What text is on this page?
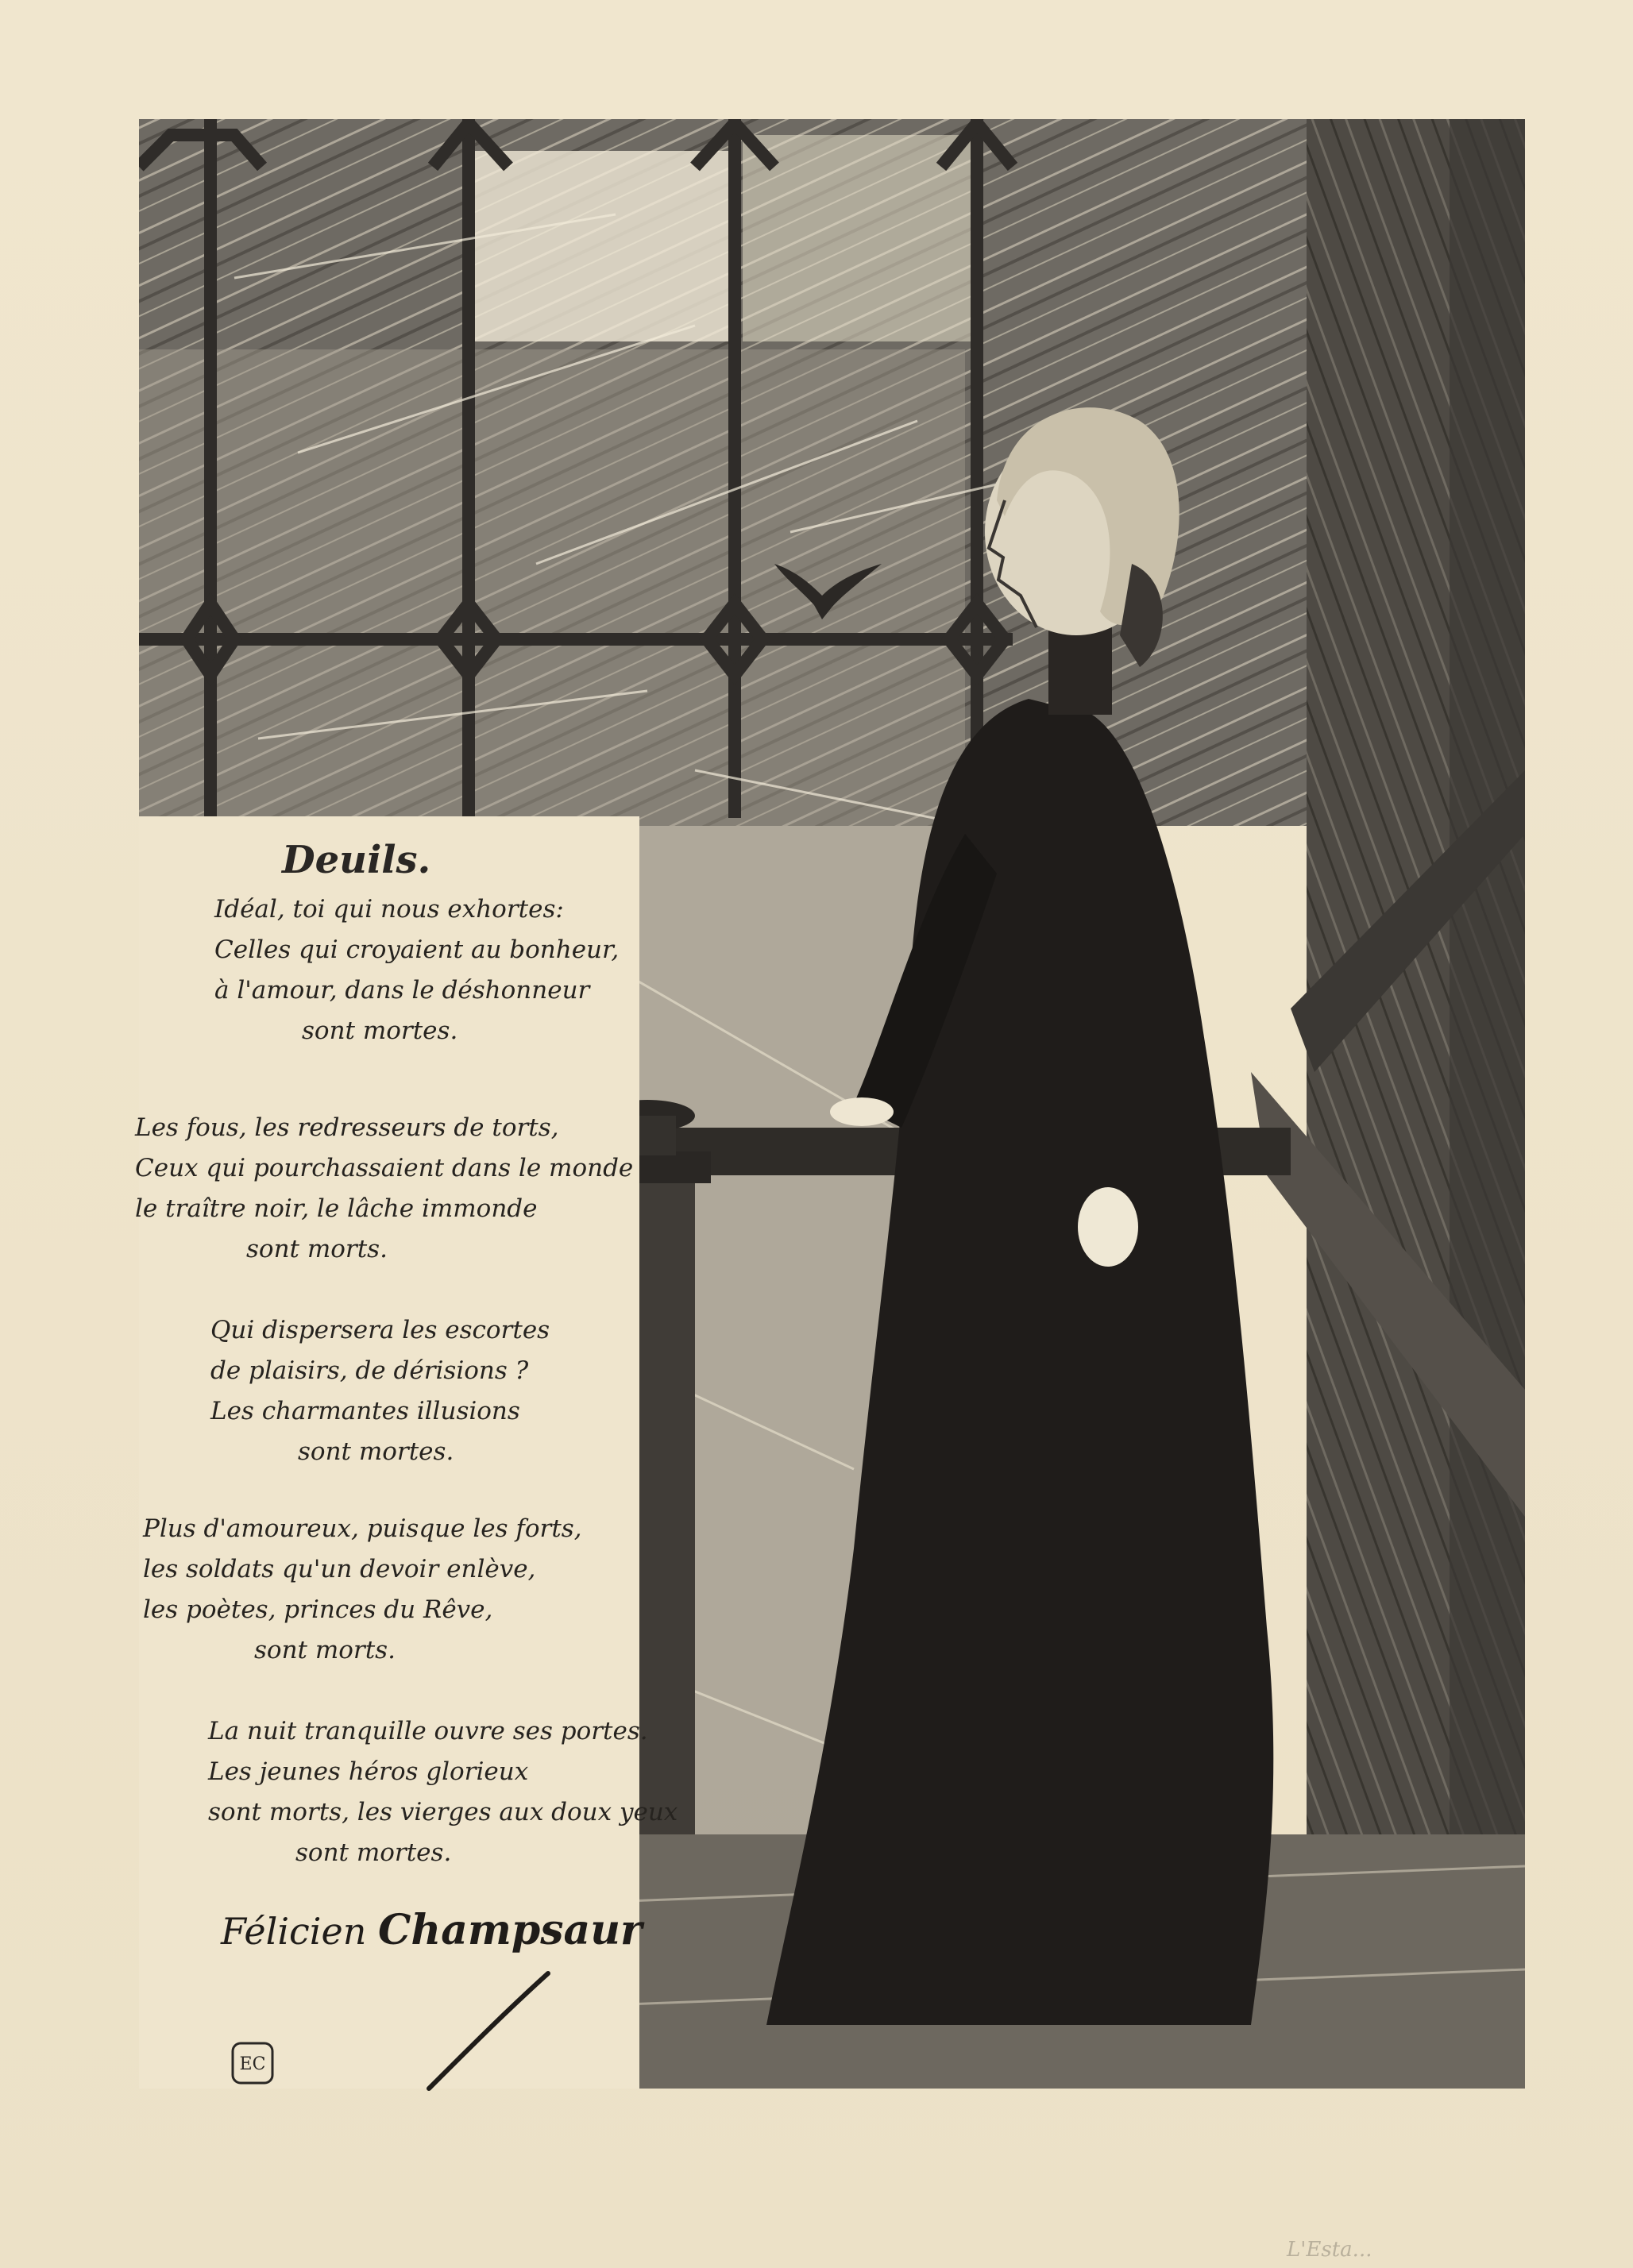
Deuils.
Idéal, toi qui nous exhortes:
Celles qui croyaient au bonheur,
à l'amour, dans le déshonneur
sont mortes.
Les fous, les redresseurs de torts,
Ceux qui pourchassaient dans le monde
le traître noir, le lâche immonde
sont morts.
Qui dispersera les escortes
de plaisirs, de dérisions ?
Les charmantes illusions
sont mortes.
Plus d'amoureux, puisque les forts,
les soldats qu'un devoir enlève,
les poètes, princes du Rêve,
sont morts.
La nuit tranquille ouvre ses portes.
Les jeunes héros glorieux
sont morts, les vierges aux doux yeux
sont mortes.
Félicien Champsaur
EC
L'Esta...
